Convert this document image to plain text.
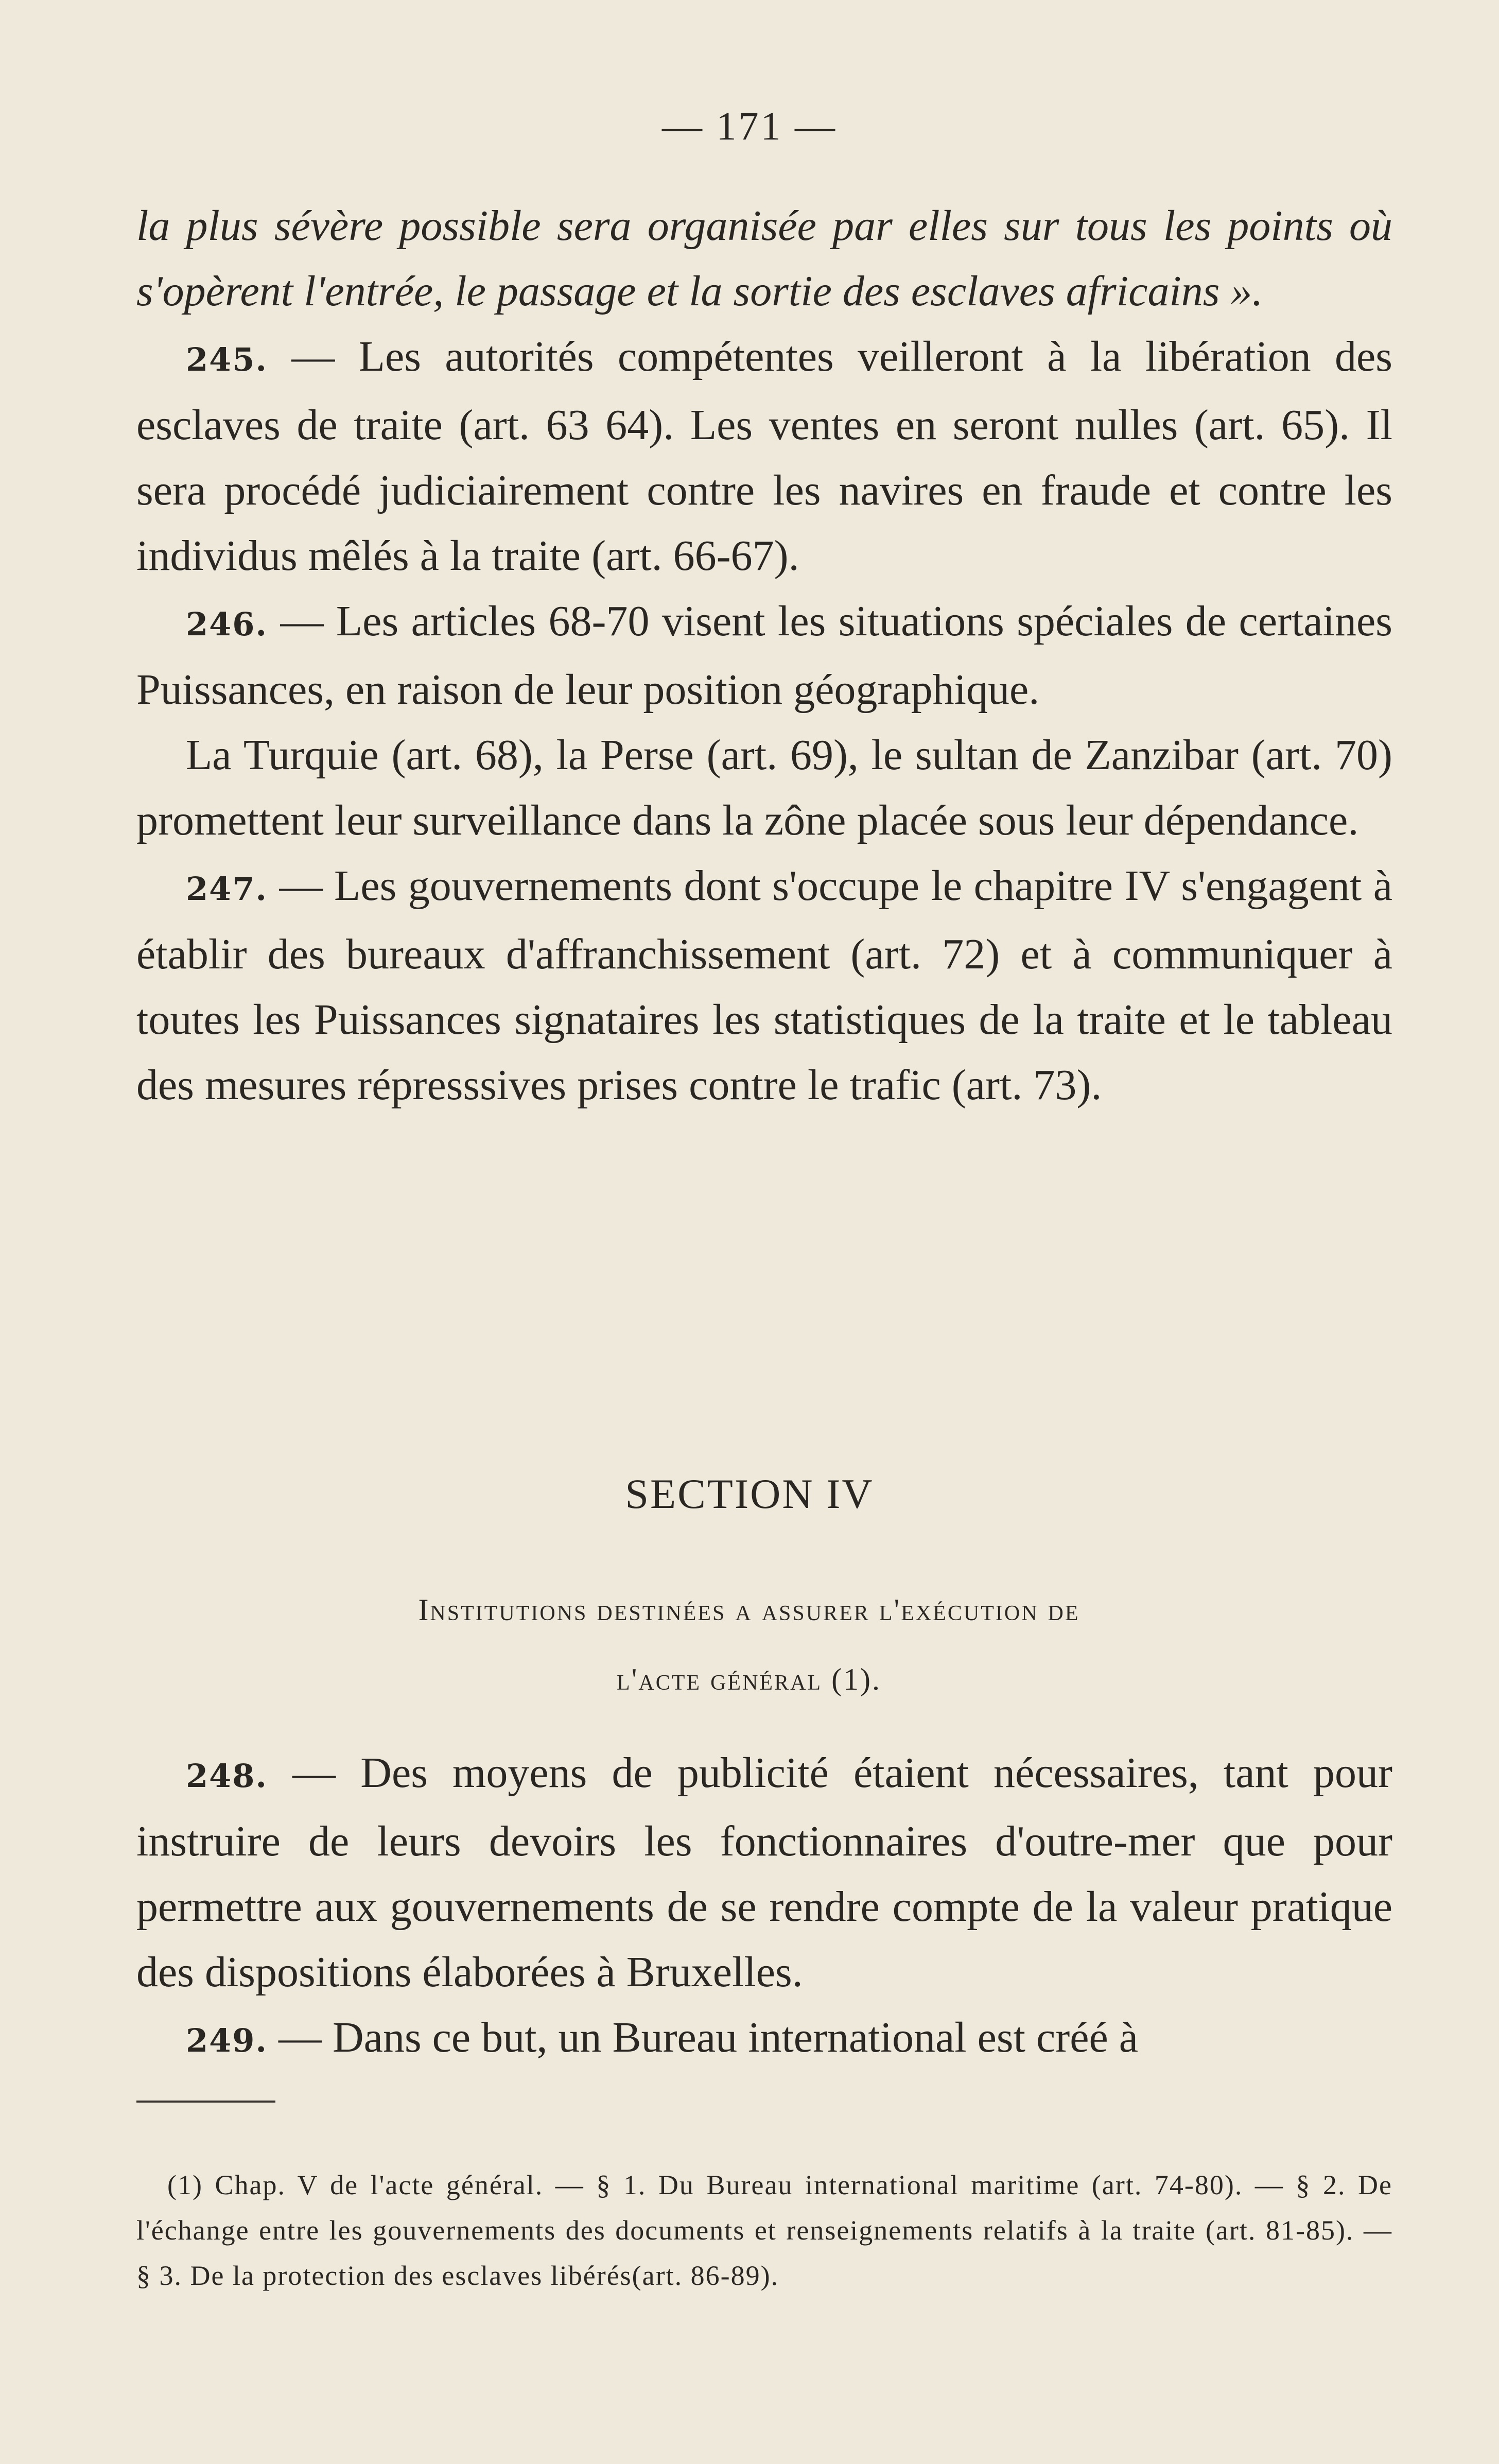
— 171 —

la plus sévère possible sera organisée par elles sur tous les points où s'opèrent l'entrée, le passage et la sortie des esclaves africains ».

245. — Les autorités compétentes veilleront à la libération des esclaves de traite (art. 63 64). Les ventes en seront nulles (art. 65). Il sera procédé judiciairement contre les navires en fraude et contre les individus mêlés à la traite (art. 66-67).

246. — Les articles 68-70 visent les situations spéciales de certaines Puissances, en raison de leur position géographique.

La Turquie (art. 68), la Perse (art. 69), le sultan de Zanzibar (art. 70) promettent leur surveillance dans la zône placée sous leur dépendance.

247. — Les gouvernements dont s'occupe le chapitre IV s'engagent à établir des bureaux d'affranchissement (art. 72) et à communiquer à toutes les Puissances signataires les statistiques de la traite et le tableau des mesures répresssives prises contre le trafic (art. 73).

SECTION IV
Institutions destinées a assurer l'exécution de
l'acte général (1).

248. — Des moyens de publicité étaient nécessaires, tant pour instruire de leurs devoirs les fonctionnaires d'outre-mer que pour permettre aux gouvernements de se rendre compte de la valeur pratique des dispositions élaborées à Bruxelles.

249. — Dans ce but, un Bureau international est créé à

(1) Chap. V de l'acte général. — § 1. Du Bureau international maritime (art. 74-80). — § 2. De l'échange entre les gouvernements des documents et renseignements relatifs à la traite (art. 81-85). — § 3. De la protection des esclaves libérés(art. 86-89).
